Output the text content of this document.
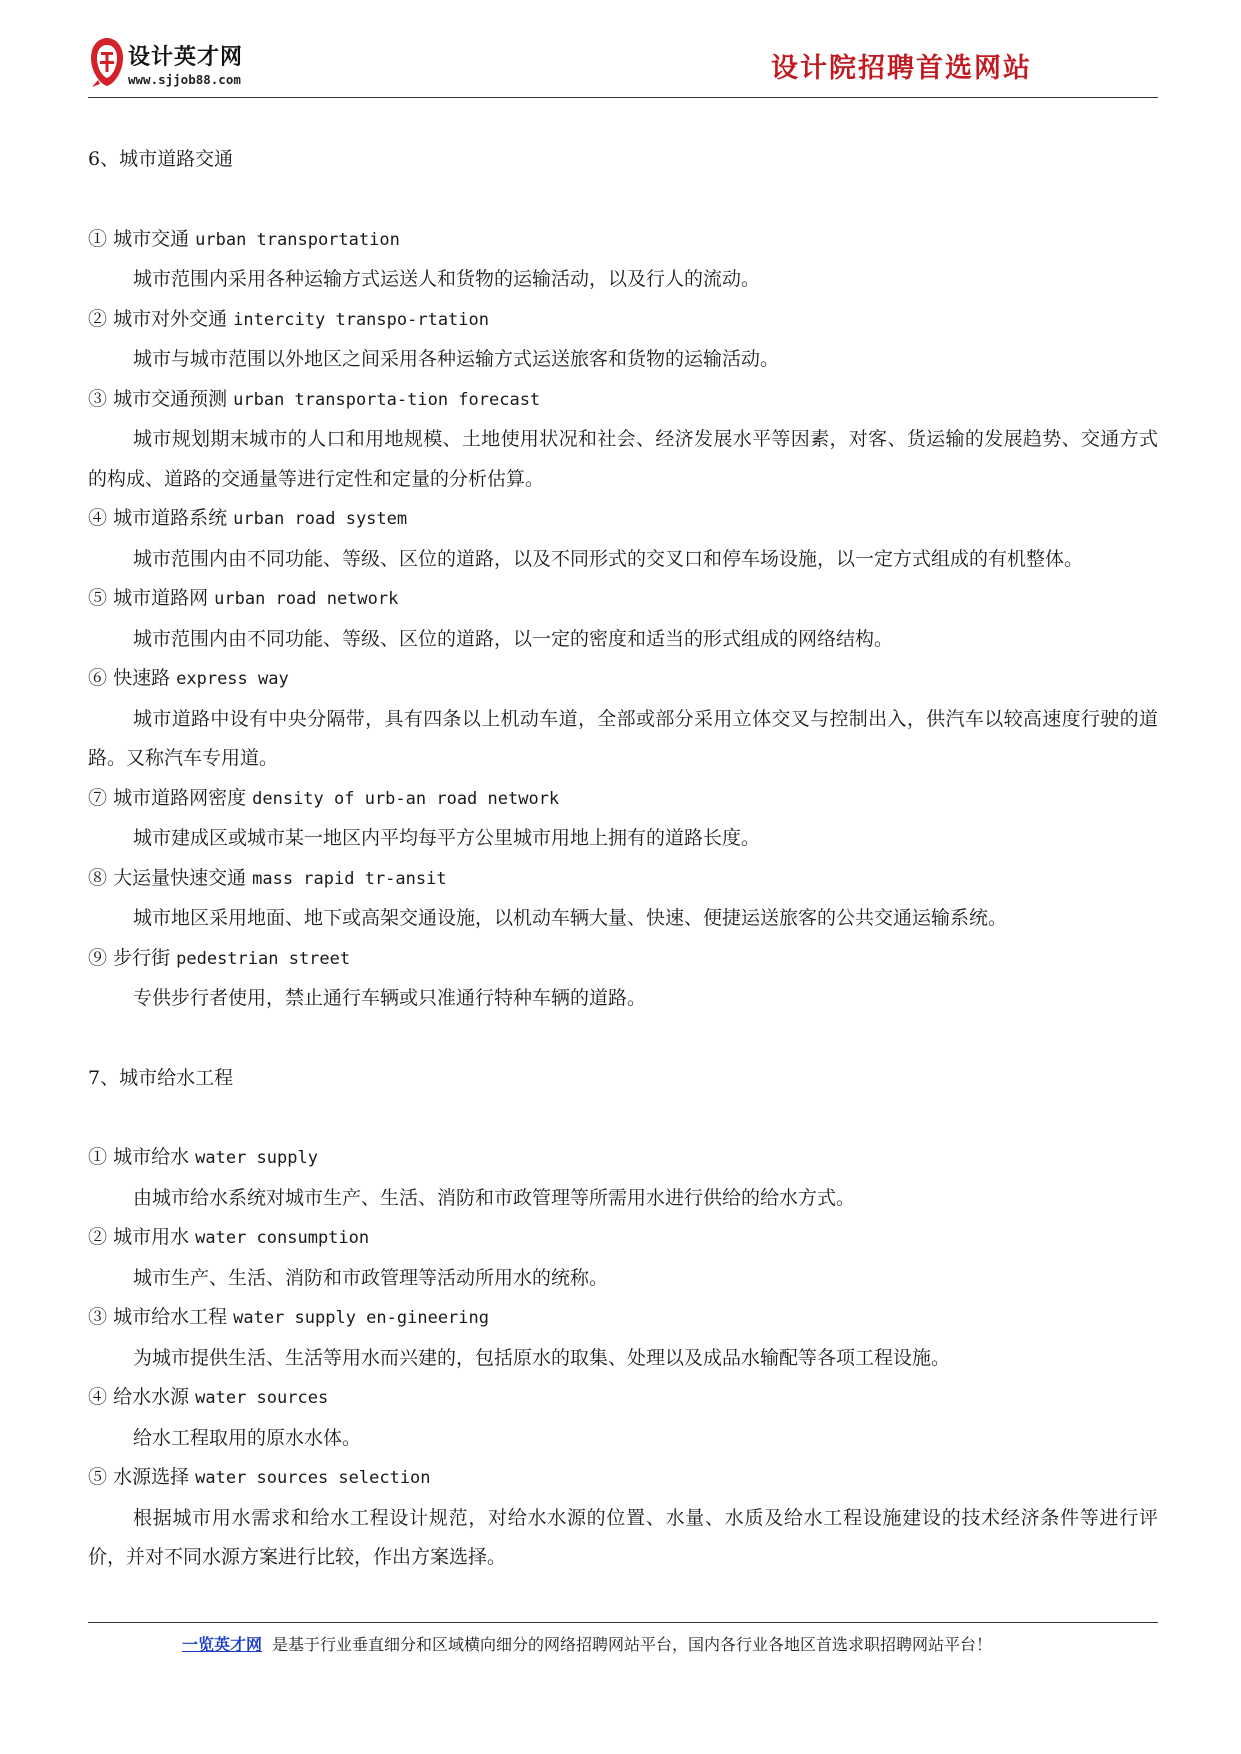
设计英才网
www.sjjob88.com	设计院招聘首选网站

6、城市道路交通

① 城市交通 urban transportation

城市范围内采用各种运输方式运送人和货物的运输活动，以及行人的流动。

② 城市对外交通 intercity transpo-rtation

城市与城市范围以外地区之间采用各种运输方式运送旅客和货物的运输活动。

③ 城市交通预测 urban transporta-tion forecast

城市规划期末城市的人口和用地规模、土地使用状况和社会、经济发展水平等因素，对客、货运输的发展趋势、交通方式的构成、道路的交通量等进行定性和定量的分析估算。

④ 城市道路系统 urban road system

城市范围内由不同功能、等级、区位的道路，以及不同形式的交叉口和停车场设施，以一定方式组成的有机整体。

⑤ 城市道路网 urban road network

城市范围内由不同功能、等级、区位的道路，以一定的密度和适当的形式组成的网络结构。

⑥ 快速路 express way

城市道路中设有中央分隔带，具有四条以上机动车道，全部或部分采用立体交叉与控制出入，供汽车以较高速度行驶的道路。又称汽车专用道。

⑦ 城市道路网密度 density of urb-an road network

城市建成区或城市某一地区内平均每平方公里城市用地上拥有的道路长度。

⑧ 大运量快速交通 mass rapid tr-ansit

城市地区采用地面、地下或高架交通设施，以机动车辆大量、快速、便捷运送旅客的公共交通运输系统。

⑨ 步行街 pedestrian street

专供步行者使用，禁止通行车辆或只准通行特种车辆的道路。

7、城市给水工程

① 城市给水 water supply

由城市给水系统对城市生产、生活、消防和市政管理等所需用水进行供给的给水方式。

② 城市用水 water consumption

城市生产、生活、消防和市政管理等活动所用水的统称。

③ 城市给水工程 water supply en-gineering

为城市提供生活、生活等用水而兴建的，包括原水的取集、处理以及成品水输配等各项工程设施。

④ 给水水源 water sources

给水工程取用的原水水体。

⑤ 水源选择 water sources selection

根据城市用水需求和给水工程设计规范，对给水水源的位置、水量、水质及给水工程设施建设的技术经济条件等进行评价，并对不同水源方案进行比较，作出方案选择。

一览英才网 是基于行业垂直细分和区域横向细分的网络招聘网站平台，国内各行业各地区首选求职招聘网站平台！
